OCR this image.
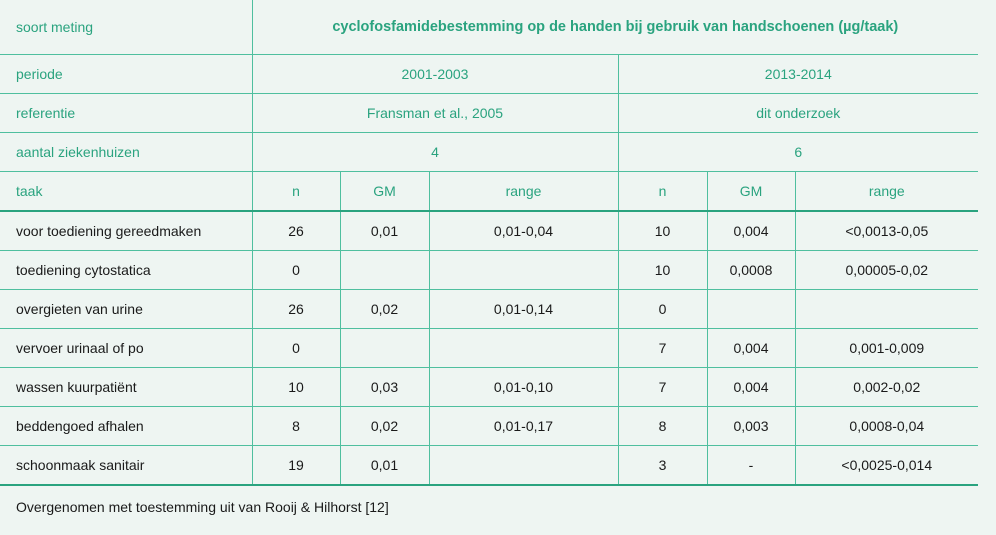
soort meting	cyclofosfamidebestemming op de handen bij gebruik van handschoenen (µg/taak)					
periode	2001-2003			2013-2014		
referentie	Fransman et al., 2005			dit onderzoek		
aantal ziekenhuizen	4			6		
taak	n	GM	range	n	GM	range
voor toediening gereedmaken	26	0,01	0,01-0,04	10	0,004	<0,0013-0,05
toediening cytostatica	0			10	0,0008	0,00005-0,02
overgieten van urine	26	0,02	0,01-0,14	0		
vervoer urinaal of po	0			7	0,004	0,001-0,009
wassen kuurpatiënt	10	0,03	0,01-0,10	7	0,004	0,002-0,02
beddengoed afhalen	8	0,02	0,01-0,17	8	0,003	0,0008-0,04
schoonmaak sanitair	19	0,01		3	-	<0,0025-0,014
Overgenomen met toestemming uit van Rooij & Hilhorst [12]
